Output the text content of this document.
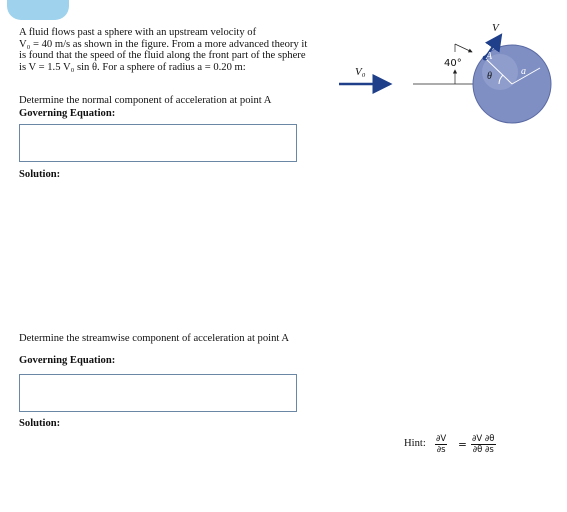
A fluid flows past a sphere with an upstream velocity of
V₀ = 40 m/s as shown in the figure. From a more advanced theory it
is found that the speed of the fluid along the front part of the sphere
is V = 1.5 V₀ sin θ. For a sphere of radius a = 0.20 m:
Determine the normal component of acceleration at point A
Governing Equation:
Solution:
Determine the streamwise component of acceleration at point A
Governing Equation:
Solution:
V₀
40°
A
θ	a
V
Hint: $\frac{\partial V}{\partial s} = \frac{\partial V \partial\theta}{\partial\theta \partial s}$
